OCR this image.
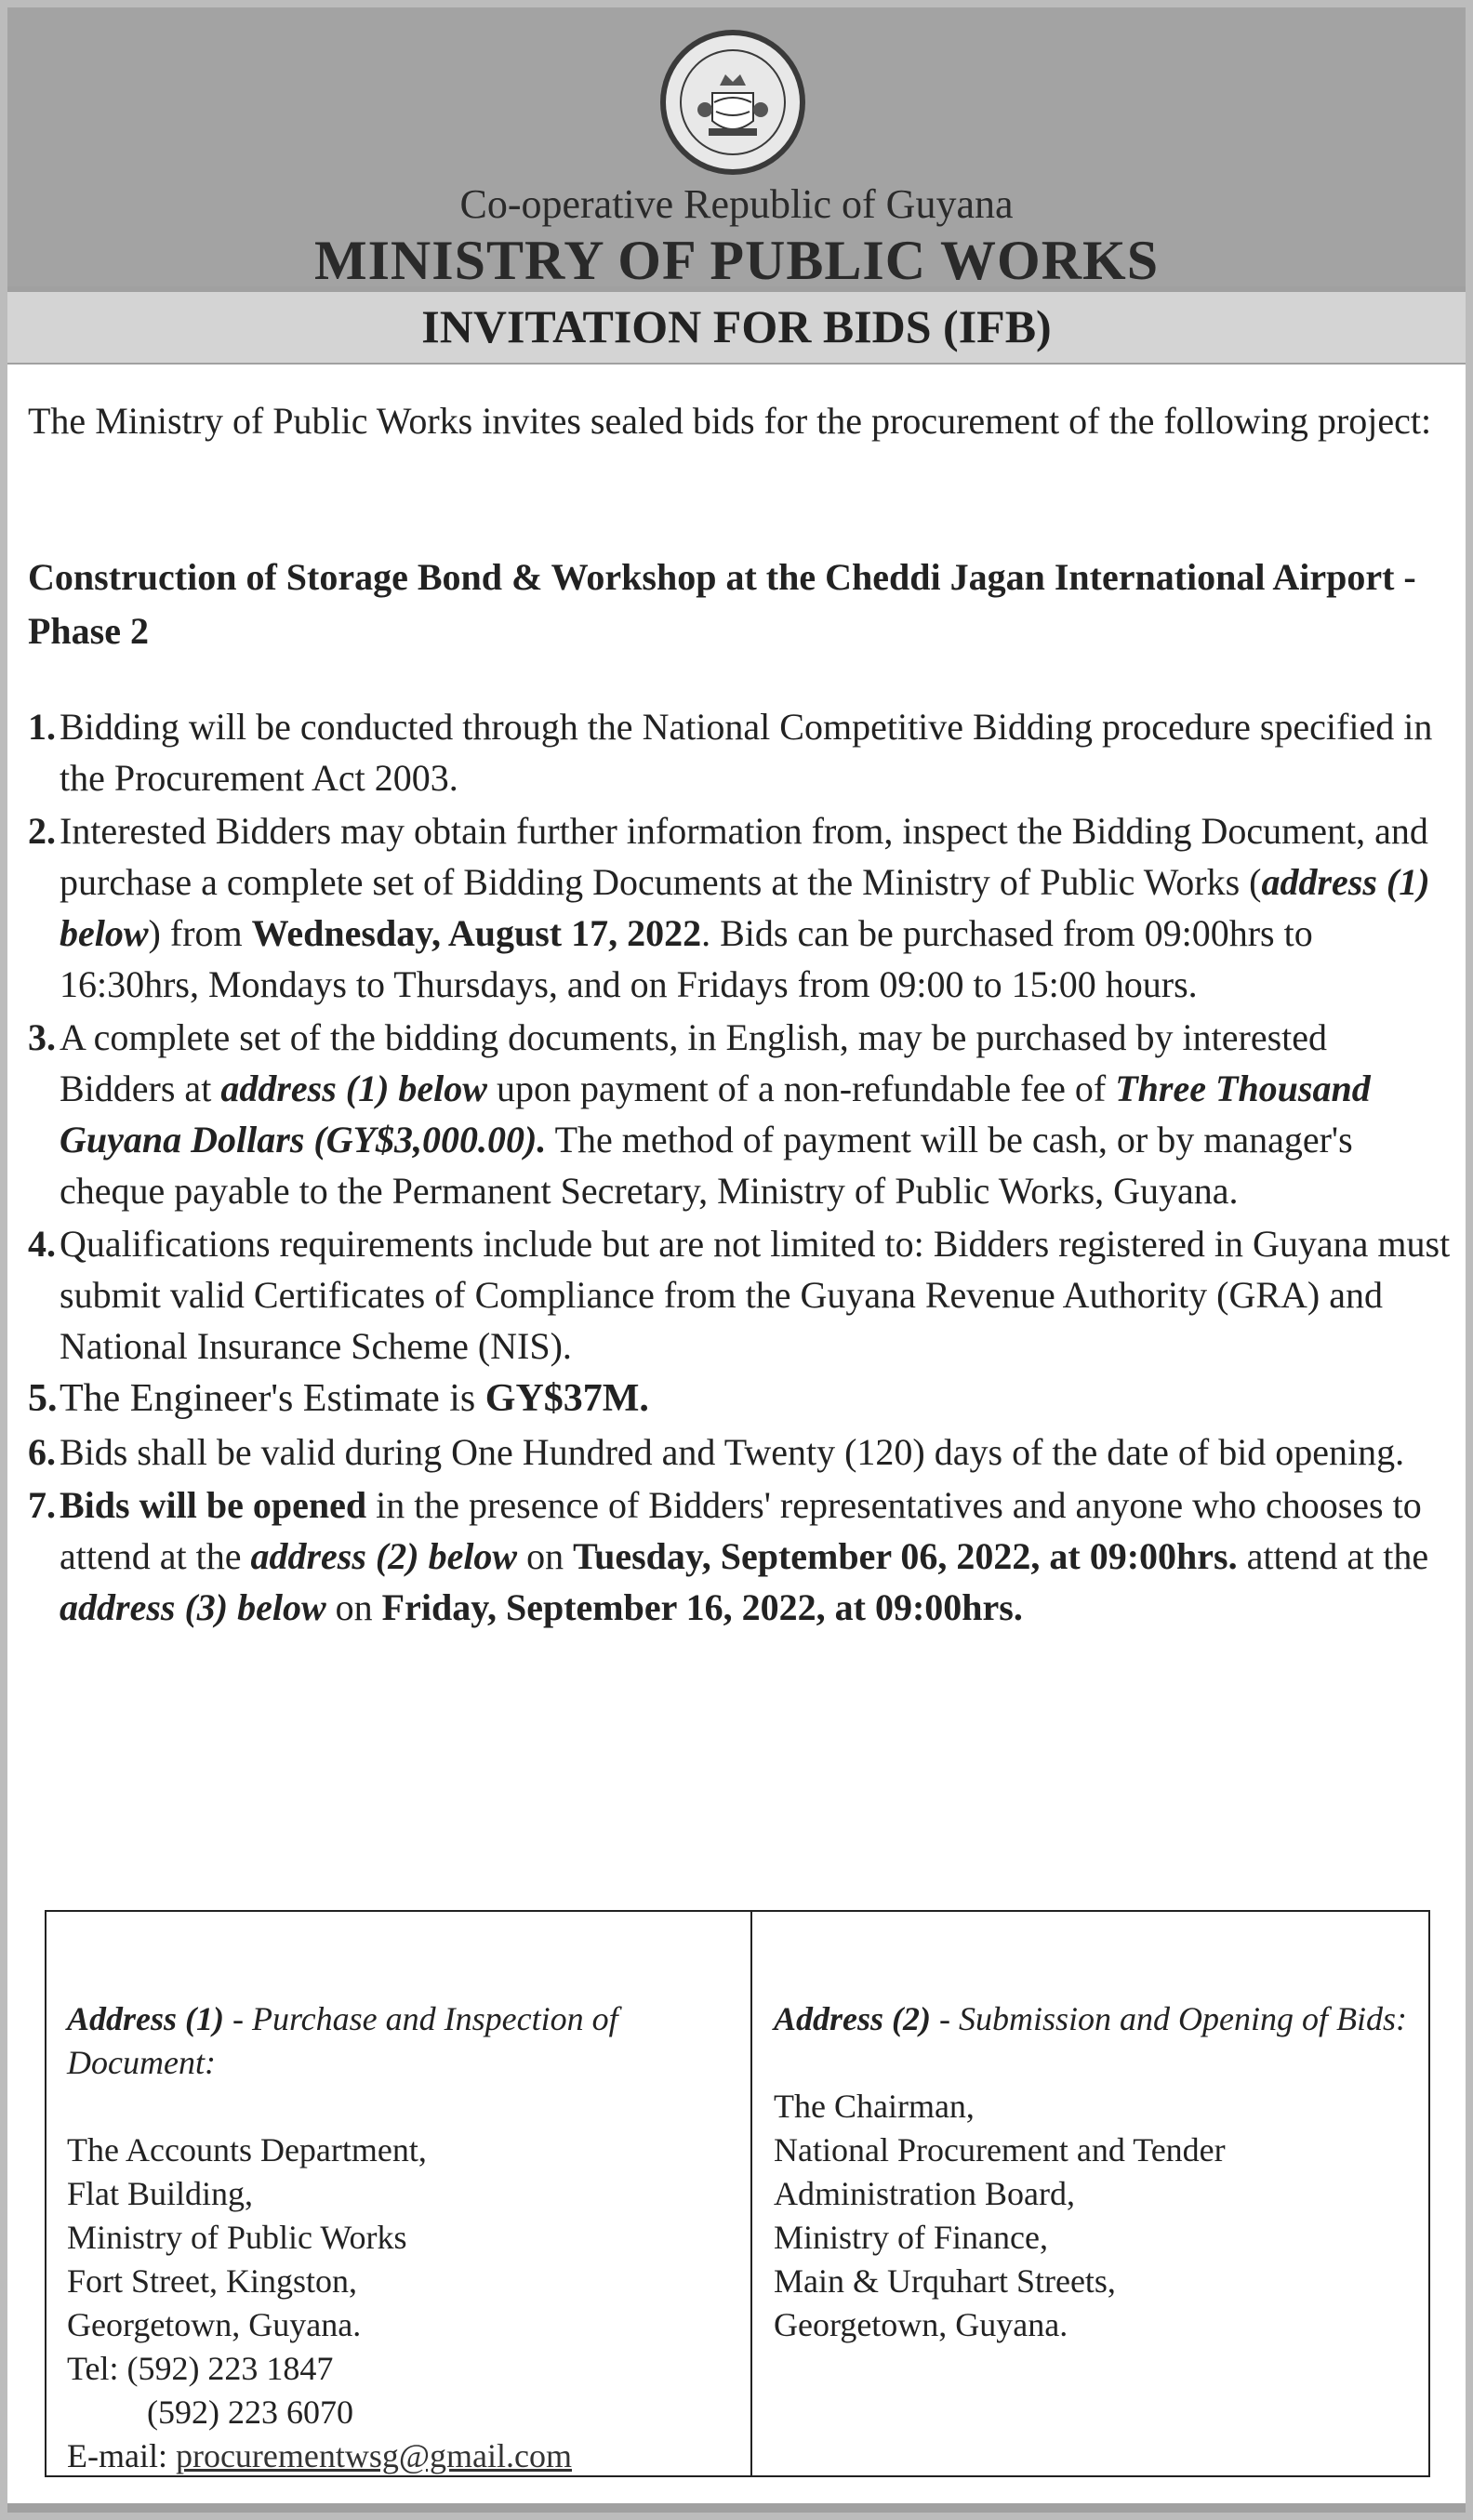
Co-operative Republic of Guyana
MINISTRY OF PUBLIC WORKS
INVITATION FOR BIDS (IFB)
The Ministry of Public Works invites sealed bids for the procurement of the following project:
Construction of Storage Bond & Workshop at the Cheddi Jagan International Airport - Phase 2
1. Bidding will be conducted through the National Competitive Bidding procedure specified in the Procurement Act 2003.
2. Interested Bidders may obtain further information from, inspect the Bidding Document, and purchase a complete set of Bidding Documents at the Ministry of Public Works (address (1) below) from Wednesday, August 17, 2022. Bids can be purchased from 09:00hrs to 16:30hrs, Mondays to Thursdays, and on Fridays from 09:00 to 15:00 hours.
3. A complete set of the bidding documents, in English, may be purchased by interested Bidders at address (1) below upon payment of a non-refundable fee of Three Thousand Guyana Dollars (GY$3,000.00). The method of payment will be cash, or by manager's cheque payable to the Permanent Secretary, Ministry of Public Works, Guyana.
4. Qualifications requirements include but are not limited to: Bidders registered in Guyana must submit valid Certificates of Compliance from the Guyana Revenue Authority (GRA) and National Insurance Scheme (NIS).
5. The Engineer's Estimate is GY$37M.
6. Bids shall be valid during One Hundred and Twenty (120) days of the date of bid opening.
7. Bids will be opened in the presence of Bidders' representatives and anyone who chooses to attend at the address (2) below on Tuesday, September 06, 2022, at 09:00hrs. attend at the address (3) below on Friday, September 16, 2022, at 09:00hrs.
Address (1) - Purchase and Inspection of Document:
The Accounts Department,
Flat Building,
Ministry of Public Works
Fort Street, Kingston,
Georgetown, Guyana.
Tel: (592) 223 1847
(592) 223 6070
E-mail: procurementwsg@gmail.com
Address (2) - Submission and Opening of Bids:
The Chairman,
National Procurement and Tender
Administration Board,
Ministry of Finance,
Main & Urquhart Streets,
Georgetown, Guyana.
